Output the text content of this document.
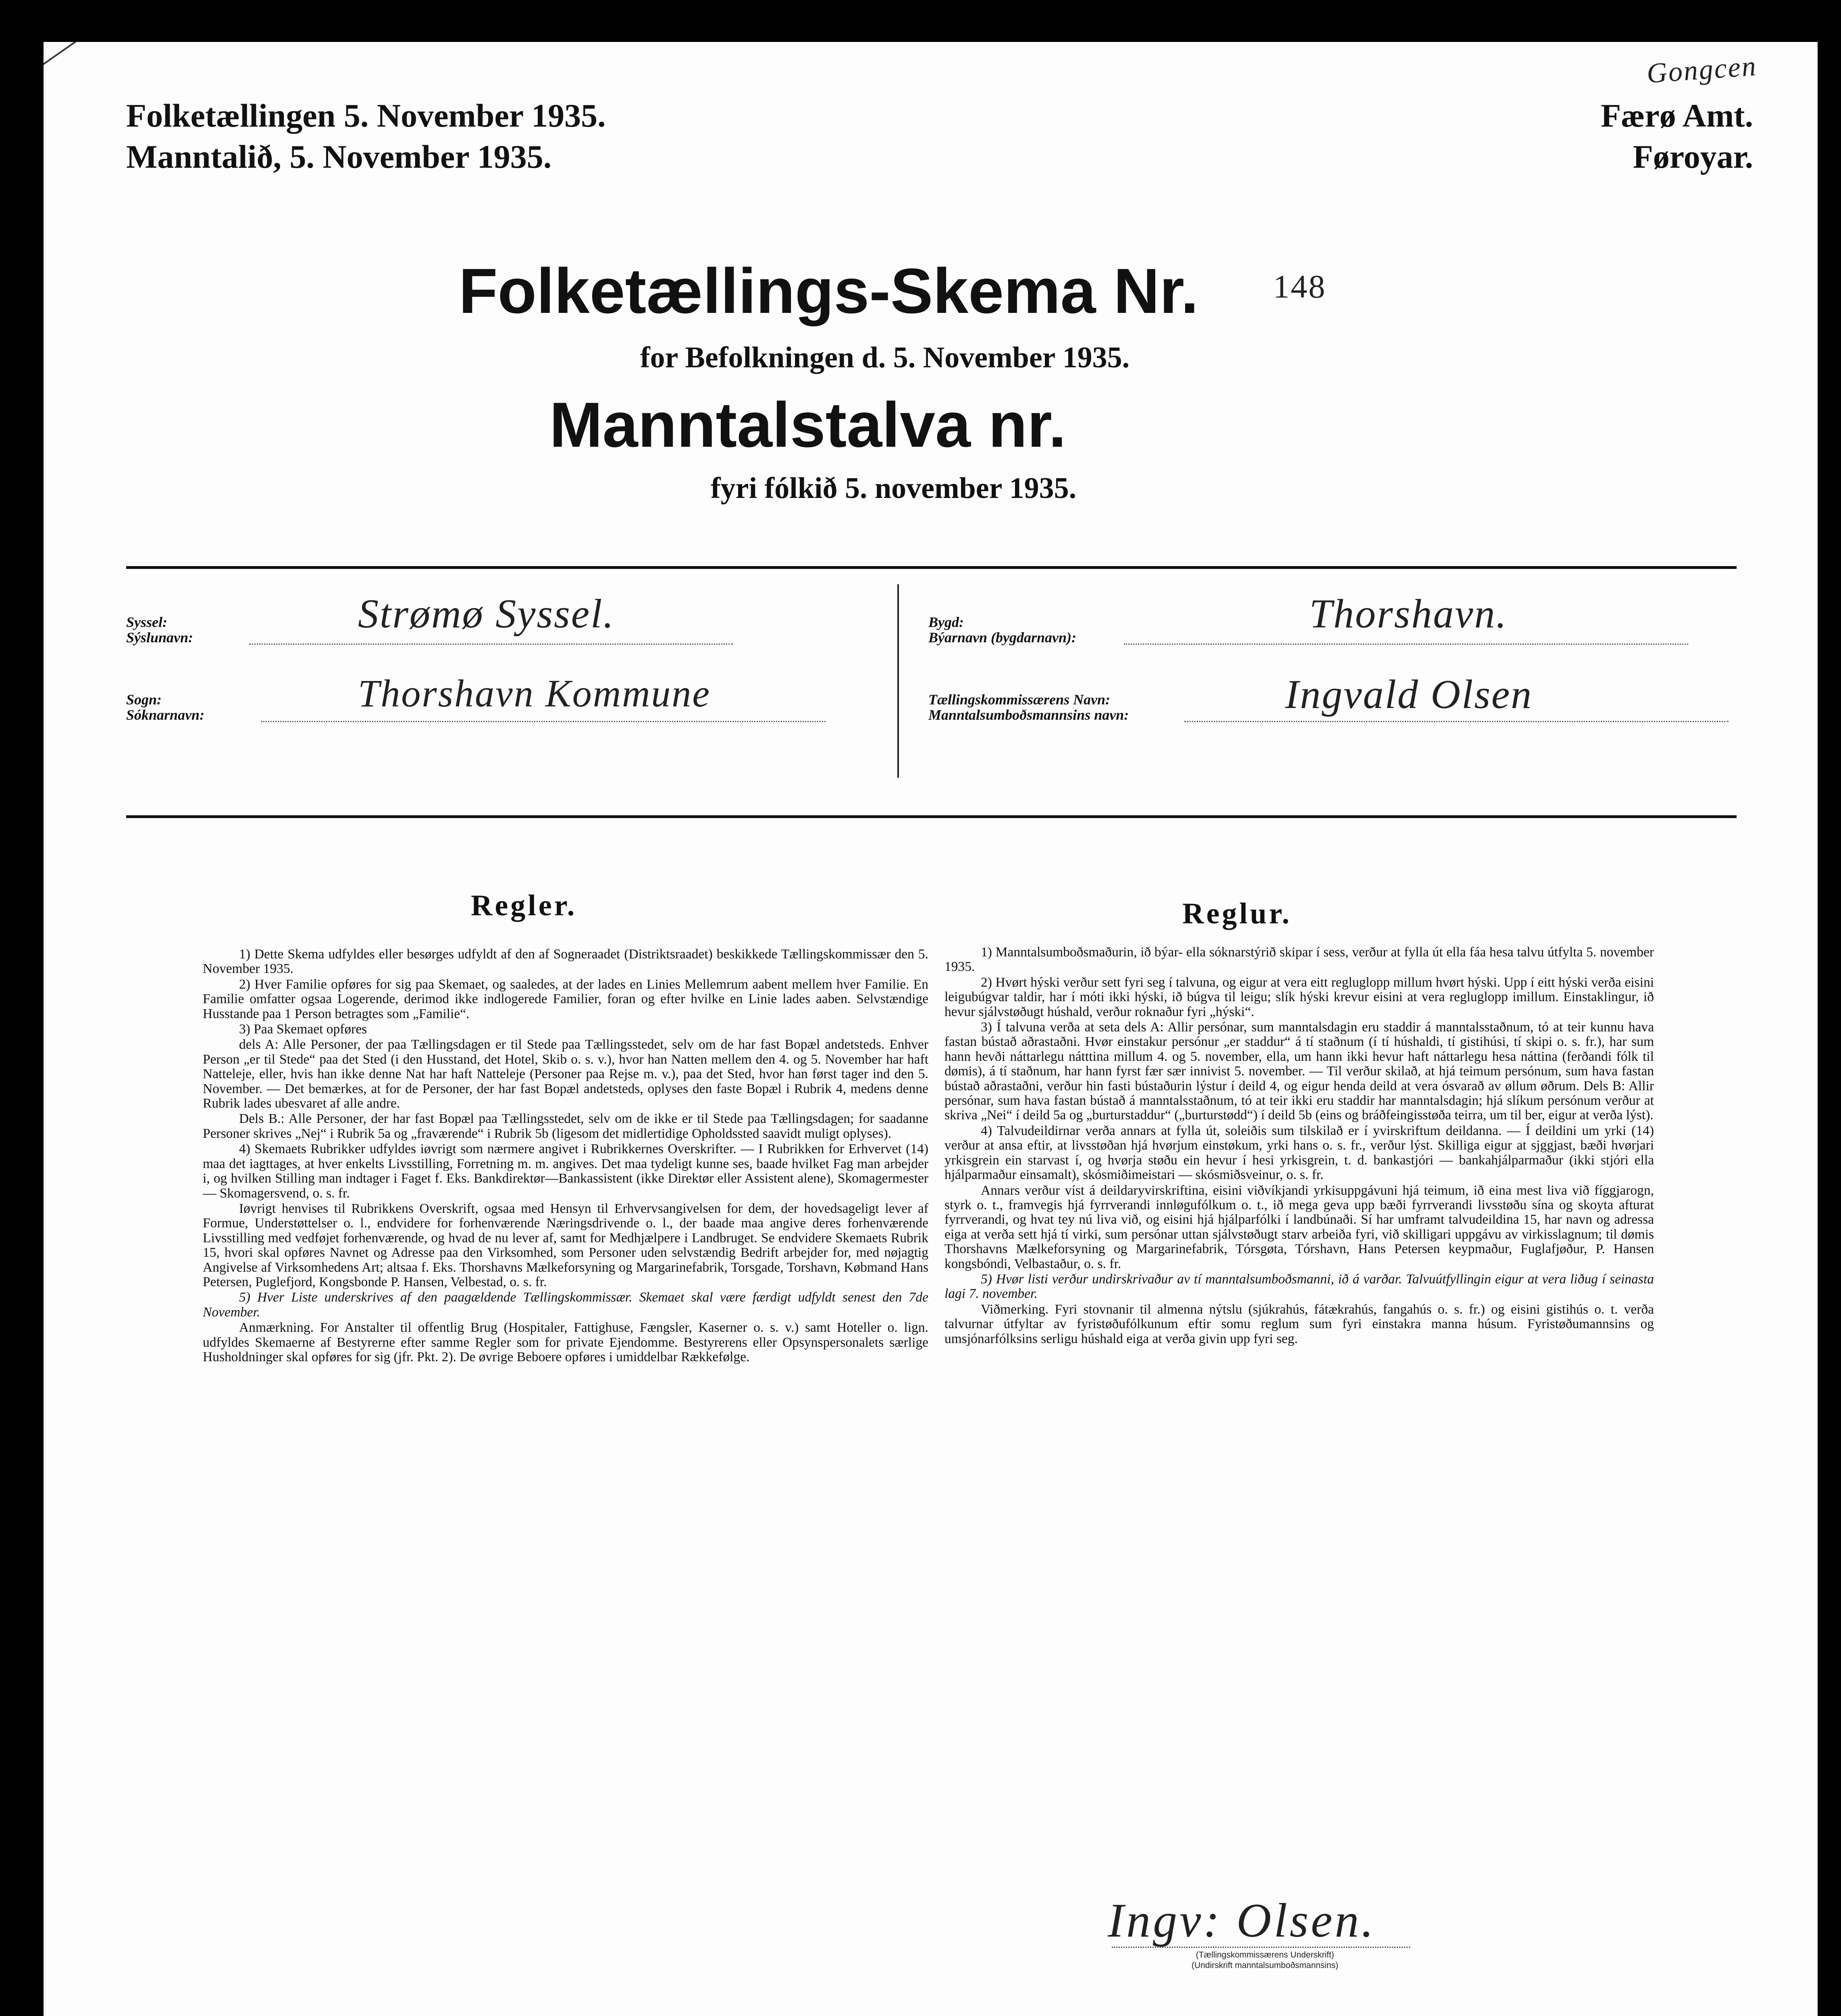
Folketællingen 5. November 1935.
Manntalið, 5. November 1935.
Færø Amt.
Føroyar.
Gongcen
Folketællings-Skema Nr. 148
for Befolkningen d. 5. November 1935.
Manntalstalva nr.
fyri fólkið 5. november 1935.
Syssel:
Sýslunavn:
Strømø Syssel.
Sogn:
Sóknarnavn:	Thorshavn Kommune
Bygd:
Býarnavn (bygdarnavn):
Thorshavn.
Tællingskommissærens Navn:
Manntalsumboðsmannsins navn:	Ingvald Olsen
Regler.

1) Dette Skema udfyldes eller besørges udfyldt af den af Sogneraadet (Distriktsraadet) beskikkede Tællingskommissær den 5. November 1935.

2) Hver Familie opføres for sig paa Skemaet, og saaledes, at der lades en Linies Mellemrum aabent mellem hver Familie. En Familie omfatter ogsaa Logerende, derimod ikke indlogerede Familier, foran og efter hvilke en Linie lades aaben. Selvstændige Husstande paa 1 Person betragtes som „Familie“.

3) Paa Skemaet opføres

dels A: Alle Personer, der paa Tællingsdagen er til Stede paa Tællingsstedet, selv om de har fast Bopæl andetsteds. Enhver Person „er til Stede“ paa det Sted (i den Husstand, det Hotel, Skib o. s. v.), hvor han Natten mellem den 4. og 5. November har haft Natteleje, eller, hvis han ikke denne Nat har haft Natteleje (Personer paa Rejse m. v.), paa det Sted, hvor han først tager ind den 5. November. — Det bemærkes, at for de Personer, der har fast Bopæl andetsteds, oplyses den faste Bopæl i Rubrik 4, medens denne Rubrik lades ubesvaret af alle andre.

Dels B.: Alle Personer, der har fast Bopæl paa Tællingsstedet, selv om de ikke er til Stede paa Tællingsdagen; for saadanne Personer skrives „Nej“ i Rubrik 5a og „fraværende“ i Rubrik 5b (ligesom det midlertidige Opholdssted saavidt muligt oplyses).

4) Skemaets Rubrikker udfyldes iøvrigt som nærmere angivet i Rubrikkernes Overskrifter. — I Rubrikken for Erhvervet (14) maa det iagttages, at hver enkelts Livsstilling, Forretning m. m. angives. Det maa tydeligt kunne ses, baade hvilket Fag man arbejder i, og hvilken Stilling man indtager i Faget f. Eks. Bankdirektør—Bankassistent (ikke Direktør eller Assistent alene), Skomagermester — Skomagersvend, o. s. fr.

Iøvrigt henvises til Rubrikkens Overskrift, ogsaa med Hensyn til Erhvervsangivelsen for dem, der hovedsageligt lever af Formue, Understøttelser o. l., endvidere for forhenværende Næringsdrivende o. l., der baade maa angive deres forhenværende Livsstilling med vedføjet forhenværende, og hvad de nu lever af, samt for Medhjælpere i Landbruget. Se endvidere Skemaets Rubrik 15, hvori skal opføres Navnet og Adresse paa den Virksomhed, som Personer uden selvstændig Bedrift arbejder for, med nøjagtig Angivelse af Virksomhedens Art; altsaa f. Eks. Thorshavns Mælkeforsyning og Margarinefabrik, Torsgade, Torshavn, Købmand Hans Petersen, Puglefjord, Kongsbonde P. Hansen, Velbestad, o. s. fr.

5) Hver Liste underskrives af den paagældende Tællingskommissær. Skemaet skal være færdigt udfyldt senest den 7de November.

Anmærkning. For Anstalter til offentlig Brug (Hospitaler, Fattighuse, Fængsler, Kaserner o. s. v.) samt Hoteller o. lign. udfyldes Skemaerne af Bestyrerne efter samme Regler som for private Ejendomme. Bestyrerens eller Opsynspersonalets særlige Husholdninger skal opføres for sig (jfr. Pkt. 2). De øvrige Beboere opføres i umiddelbar Rækkefølge.

Reglur.

1) Manntalsumboðsmaðurin, ið býar- ella sóknarstýrið skipar í sess, verður at fylla út ella fáa hesa talvu útfylta 5. november 1935.

2) Hvørt hýski verður sett fyri seg í talvuna, og eigur at vera eitt regluglopp millum hvørt hýski. Upp í eitt hýski verða eisini leigubúgvar taldir, har í móti ikki hýski, ið búgva til leigu; slík hýski krevur eisini at vera regluglopp imillum. Einstaklingur, ið hevur sjálvstøðugt húshald, verður roknaður fyri „hýski“.

3) Í talvuna verða at seta dels A: Allir persónar, sum manntalsdagin eru staddir á manntalsstaðnum, tó at teir kunnu hava fastan bústað aðrastaðni. Hvør einstakur persónur „er staddur“ á tí staðnum (í tí húshaldi, tí gistihúsi, tí skipi o. s. fr.), har sum hann hevði náttarlegu nátttina millum 4. og 5. november, ella, um hann ikki hevur haft náttarlegu hesa náttina (ferðandi fólk til dømis), á tí staðnum, har hann fyrst fær sær innivist 5. november. — Til verður skilað, at hjá teimum persónum, sum hava fastan bústað aðrastaðni, verður hin fasti bústaðurin lýstur í deild 4, og eigur henda deild at vera ósvarað av øllum øðrum. Dels B: Allir persónar, sum hava fastan bústað á manntalsstaðnum, tó at teir ikki eru staddir har manntalsdagin; hjá slíkum persónum verður at skriva „Nei“ í deild 5a og „burturstaddur“ („burturstødd“) í deild 5b (eins og bráðfeingisstøða teirra, um til ber, eigur at verða lýst).

4) Talvudeildirnar verða annars at fylla út, soleiðis sum tilskilað er í yvirskriftum deildanna. — Í deildini um yrki (14) verður at ansa eftir, at livsstøðan hjá hvørjum einstøkum, yrki hans o. s. fr., verður lýst. Skilliga eigur at sjggjast, bæði hvørjari yrkisgrein ein starvast í, og hvørja støðu ein hevur í hesi yrkisgrein, t. d. bankastjóri — bankahjálparmaður (ikki stjóri ella hjálparmaður einsamalt), skósmiðimeistari — skósmiðsveinur, o. s. fr.

Annars verður víst á deildaryvirskriftina, eisini viðvíkjandi yrkisuppgávuni hjá teimum, ið eina mest liva við fíggjarogn, styrk o. t., framvegis hjá fyrrverandi innløgufólkum o. t., ið mega geva upp bæði fyrrverandi livsstøðu sína og skoyta afturat fyrrverandi, og hvat tey nú liva við, og eisini hjá hjálparfólki í landbúnaði. Sí har umframt talvudeildina 15, har navn og adressa eiga at verða sett hjá tí virki, sum persónar uttan sjálvstøðugt starv arbeiða fyri, við skilligari uppgávu av virkisslagnum; til dømis Thorshavns Mælkeforsyning og Margarinefabrik, Tórsgøta, Tórshavn, Hans Petersen keypmaður, Fuglafjøður, P. Hansen kongsbóndi, Velbastaður, o. s. fr.

5) Hvør listi verður undirskrivaður av tí manntalsumboðsmanni, ið á varðar. Talvuútfyllingin eigur at vera liðug í seinasta lagi 7. november.

Viðmerking. Fyri stovnanir til almenna nýtslu (sjúkrahús, fátækrahús, fangahús o. s. fr.) og eisini gistihús o. t. verða talvurnar útfyltar av fyristøðufólkunum eftir somu reglum sum fyri einstakra manna húsum. Fyristøðumannsins og umsjónarfólksins serligu húshald eiga at verða givin upp fyri seg.

Ingv: Olsen.
(Tællingskommissærens Underskrift)
(Undirskrift manntalsumboðsmannsins)
